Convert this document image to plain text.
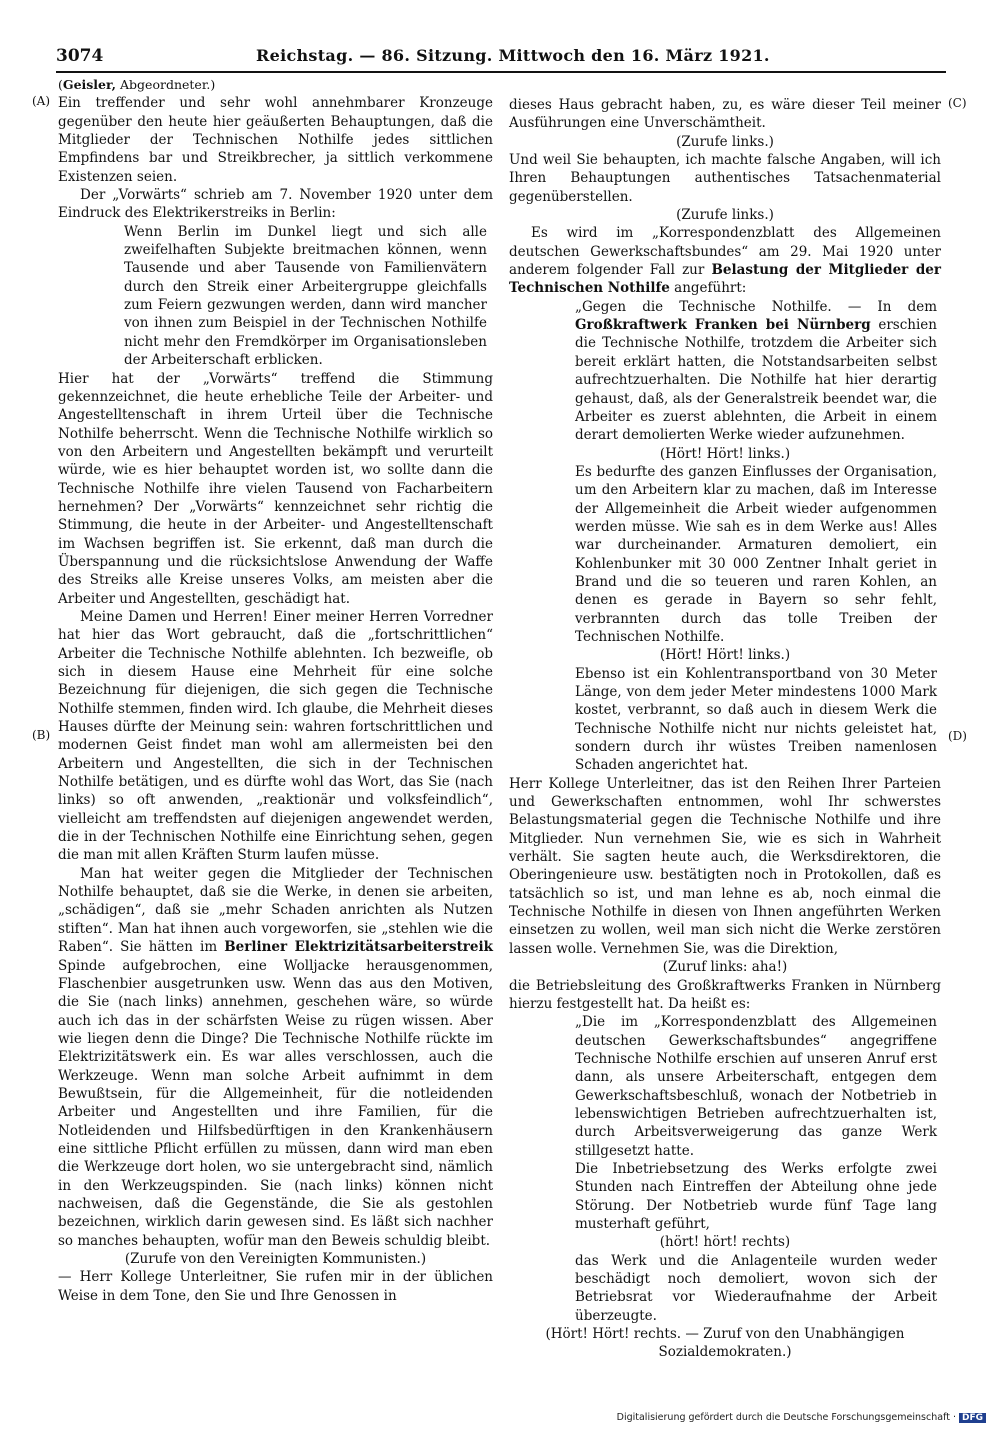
3074	Reichstag. — 86. Sitzung. Mittwoch den 16. März 1921.
(A)
(B)
(C)
(D)

(Geisler, Abgeordneter.)

Ein treffender und sehr wohl annehmbarer Kronzeuge gegenüber den heute hier geäußerten Behauptungen, daß die Mitglieder der Technischen Nothilfe jedes sittlichen Empfindens bar und Streikbrecher, ja sittlich verkommene Existenzen seien.

Der „Vorwärts“ schrieb am 7. November 1920 unter dem Eindruck des Elektrikerstreiks in Berlin:

Wenn Berlin im Dunkel liegt und sich alle zweifelhaften Subjekte breitmachen können, wenn Tausende und aber Tausende von Familienvätern durch den Streik einer Arbeitergruppe gleichfalls zum Feiern gezwungen werden, dann wird mancher von ihnen zum Beispiel in der Technischen Nothilfe nicht mehr den Fremdkörper im Organisationsleben der Arbeiterschaft erblicken.

Hier hat der „Vorwärts“ treffend die Stimmung gekennzeichnet, die heute erhebliche Teile der Arbeiter- und Angestelltenschaft in ihrem Urteil über die Technische Nothilfe beherrscht. Wenn die Technische Nothilfe wirklich so von den Arbeitern und Angestellten bekämpft und verurteilt würde, wie es hier behauptet worden ist, wo sollte dann die Technische Nothilfe ihre vielen Tausend von Facharbeitern hernehmen? Der „Vorwärts“ kennzeichnet sehr richtig die Stimmung, die heute in der Arbeiter- und Angestelltenschaft im Wachsen begriffen ist. Sie erkennt, daß man durch die Überspannung und die rücksichtslose Anwendung der Waffe des Streiks alle Kreise unseres Volks, am meisten aber die Arbeiter und Angestellten, geschädigt hat.

Meine Damen und Herren! Einer meiner Herren Vorredner hat hier das Wort gebraucht, daß die „fortschrittlichen“ Arbeiter die Technische Nothilfe ablehnten. Ich bezweifle, ob sich in diesem Hause eine Mehrheit für eine solche Bezeichnung für diejenigen, die sich gegen die Technische Nothilfe stemmen, finden wird. Ich glaube, die Mehrheit dieses Hauses dürfte der Meinung sein: wahren fortschrittlichen und modernen Geist findet man wohl am allermeisten bei den Arbeitern und Angestellten, die sich in der Technischen Nothilfe betätigen, und es dürfte wohl das Wort, das Sie (nach links) so oft anwenden, „reaktionär und volksfeindlich“, vielleicht am treffendsten auf diejenigen angewendet werden, die in der Technischen Nothilfe eine Einrichtung sehen, gegen die man mit allen Kräften Sturm laufen müsse.

Man hat weiter gegen die Mitglieder der Technischen Nothilfe behauptet, daß sie die Werke, in denen sie arbeiten, „schädigen“, daß sie „mehr Schaden anrichten als Nutzen stiften“. Man hat ihnen auch vorgeworfen, sie „stehlen wie die Raben“. Sie hätten im Berliner Elektrizitätsarbeiterstreik Spinde aufgebrochen, eine Wolljacke herausgenommen, Flaschenbier ausgetrunken usw. Wenn das aus den Motiven, die Sie (nach links) annehmen, geschehen wäre, so würde auch ich das in der schärfsten Weise zu rügen wissen. Aber wie liegen denn die Dinge? Die Technische Nothilfe rückte im Elektrizitätswerk ein. Es war alles verschlossen, auch die Werkzeuge. Wenn man solche Arbeit aufnimmt in dem Bewußtsein, für die Allgemeinheit, für die notleidenden Arbeiter und Angestellten und ihre Familien, für die Notleidenden und Hilfsbedürftigen in den Krankenhäusern eine sittliche Pflicht erfüllen zu müssen, dann wird man eben die Werkzeuge dort holen, wo sie untergebracht sind, nämlich in den Werkzeugspinden. Sie (nach links) können nicht nachweisen, daß die Gegenstände, die Sie als gestohlen bezeichnen, wirklich darin gewesen sind. Es läßt sich nachher so manches behaupten, wofür man den Beweis schuldig bleibt.

(Zurufe von den Vereinigten Kommunisten.)

— Herr Kollege Unterleitner, Sie rufen mir in der üblichen Weise in dem Tone, den Sie und Ihre Genossen in

dieses Haus gebracht haben, zu, es wäre dieser Teil meiner Ausführungen eine Unverschämtheit.

(Zurufe links.)

Und weil Sie behaupten, ich machte falsche Angaben, will ich Ihren Behauptungen authentisches Tatsachenmaterial gegenüberstellen.

(Zurufe links.)

Es wird im „Korrespondenzblatt des Allgemeinen deutschen Gewerkschaftsbundes“ am 29. Mai 1920 unter anderem folgender Fall zur Belastung der Mitglieder der Technischen Nothilfe angeführt:

„Gegen die Technische Nothilfe. — In dem Großkraftwerk Franken bei Nürnberg erschien die Technische Nothilfe, trotzdem die Arbeiter sich bereit erklärt hatten, die Notstandsarbeiten selbst aufrechtzuerhalten. Die Nothilfe hat hier derartig gehaust, daß, als der Generalstreik beendet war, die Arbeiter es zuerst ablehnten, die Arbeit in einem derart demolierten Werke wieder aufzunehmen.

(Hört! Hört! links.)

Es bedurfte des ganzen Einflusses der Organisation, um den Arbeitern klar zu machen, daß im Interesse der Allgemeinheit die Arbeit wieder aufgenommen werden müsse. Wie sah es in dem Werke aus! Alles war durcheinander. Armaturen demoliert, ein Kohlenbunker mit 30 000 Zentner Inhalt geriet in Brand und die so teueren und raren Kohlen, an denen es gerade in Bayern so sehr fehlt, verbrannten durch das tolle Treiben der Technischen Nothilfe.

(Hört! Hört! links.)

Ebenso ist ein Kohlentransportband von 30 Meter Länge, von dem jeder Meter mindestens 1000 Mark kostet, verbrannt, so daß auch in diesem Werk die Technische Nothilfe nicht nur nichts geleistet hat, sondern durch ihr wüstes Treiben namenlosen Schaden angerichtet hat.

Herr Kollege Unterleitner, das ist den Reihen Ihrer Parteien und Gewerkschaften entnommen, wohl Ihr schwerstes Belastungsmaterial gegen die Technische Nothilfe und ihre Mitglieder. Nun vernehmen Sie, wie es sich in Wahrheit verhält. Sie sagten heute auch, die Werksdirektoren, die Oberingenieure usw. bestätigten noch in Protokollen, daß es tatsächlich so ist, und man lehne es ab, noch einmal die Technische Nothilfe in diesen von Ihnen angeführten Werken einsetzen zu wollen, weil man sich nicht die Werke zerstören lassen wolle. Vernehmen Sie, was die Direktion,

(Zuruf links: aha!)

die Betriebsleitung des Großkraftwerks Franken in Nürnberg hierzu festgestellt hat. Da heißt es:

„Die im „Korrespondenzblatt des Allgemeinen deutschen Gewerkschaftsbundes“ angegriffene Technische Nothilfe erschien auf unseren Anruf erst dann, als unsere Arbeiterschaft, entgegen dem Gewerkschaftsbeschluß, wonach der Notbetrieb in lebenswichtigen Betrieben aufrechtzuerhalten ist, durch Arbeitsverweigerung das ganze Werk stillgesetzt hatte.

Die Inbetriebsetzung des Werks erfolgte zwei Stunden nach Eintreffen der Abteilung ohne jede Störung. Der Notbetrieb wurde fünf Tage lang musterhaft geführt,

(hört! hört! rechts)

das Werk und die Anlagenteile wurden weder beschädigt noch demoliert, wovon sich der Betriebsrat vor Wiederaufnahme der Arbeit überzeugte.

(Hört! Hört! rechts. — Zuruf von den Unabhängigen Sozialdemokraten.)

Digitalisierung gefördert durch die Deutsche Forschungsgemeinschaft · DFG
